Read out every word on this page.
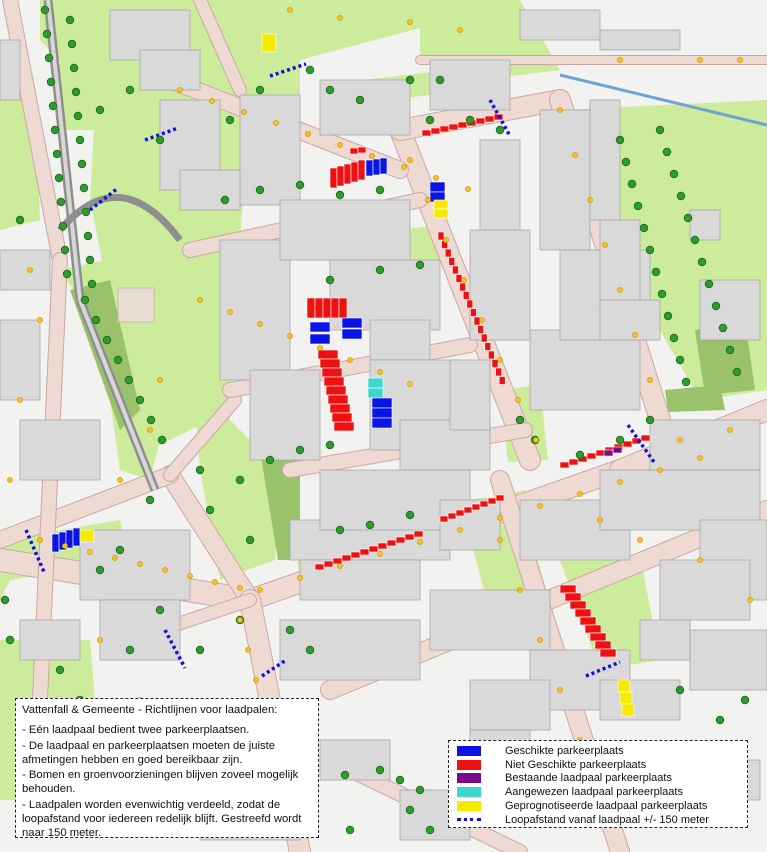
Vattenfall & Gemeente - Richtlijnen voor laadpalen:
- Eén laadpaal bedient twee parkeerplaatsen.
- De laadpaal en parkeerplaatsen moeten de juiste afmetingen hebben en goed bereikbaar zijn.
- Bomen en groenvoorzieningen blijven zoveel mogelijk behouden.
- Laadpalen worden evenwichtig verdeeld, zodat de loopafstand voor iedereen redelijk blijft. Gestreefd wordt naar 150 meter.
Geschikte parkeerplaats
Niet Geschikte parkeerplaats
Bestaande laadpaal parkeerplaats
Aangewezen laadpaal parkeerplaats
Geprognotiseerde laadpaal parkeerplaats
Loopafstand vanaf laadpaal +/- 150 meter
